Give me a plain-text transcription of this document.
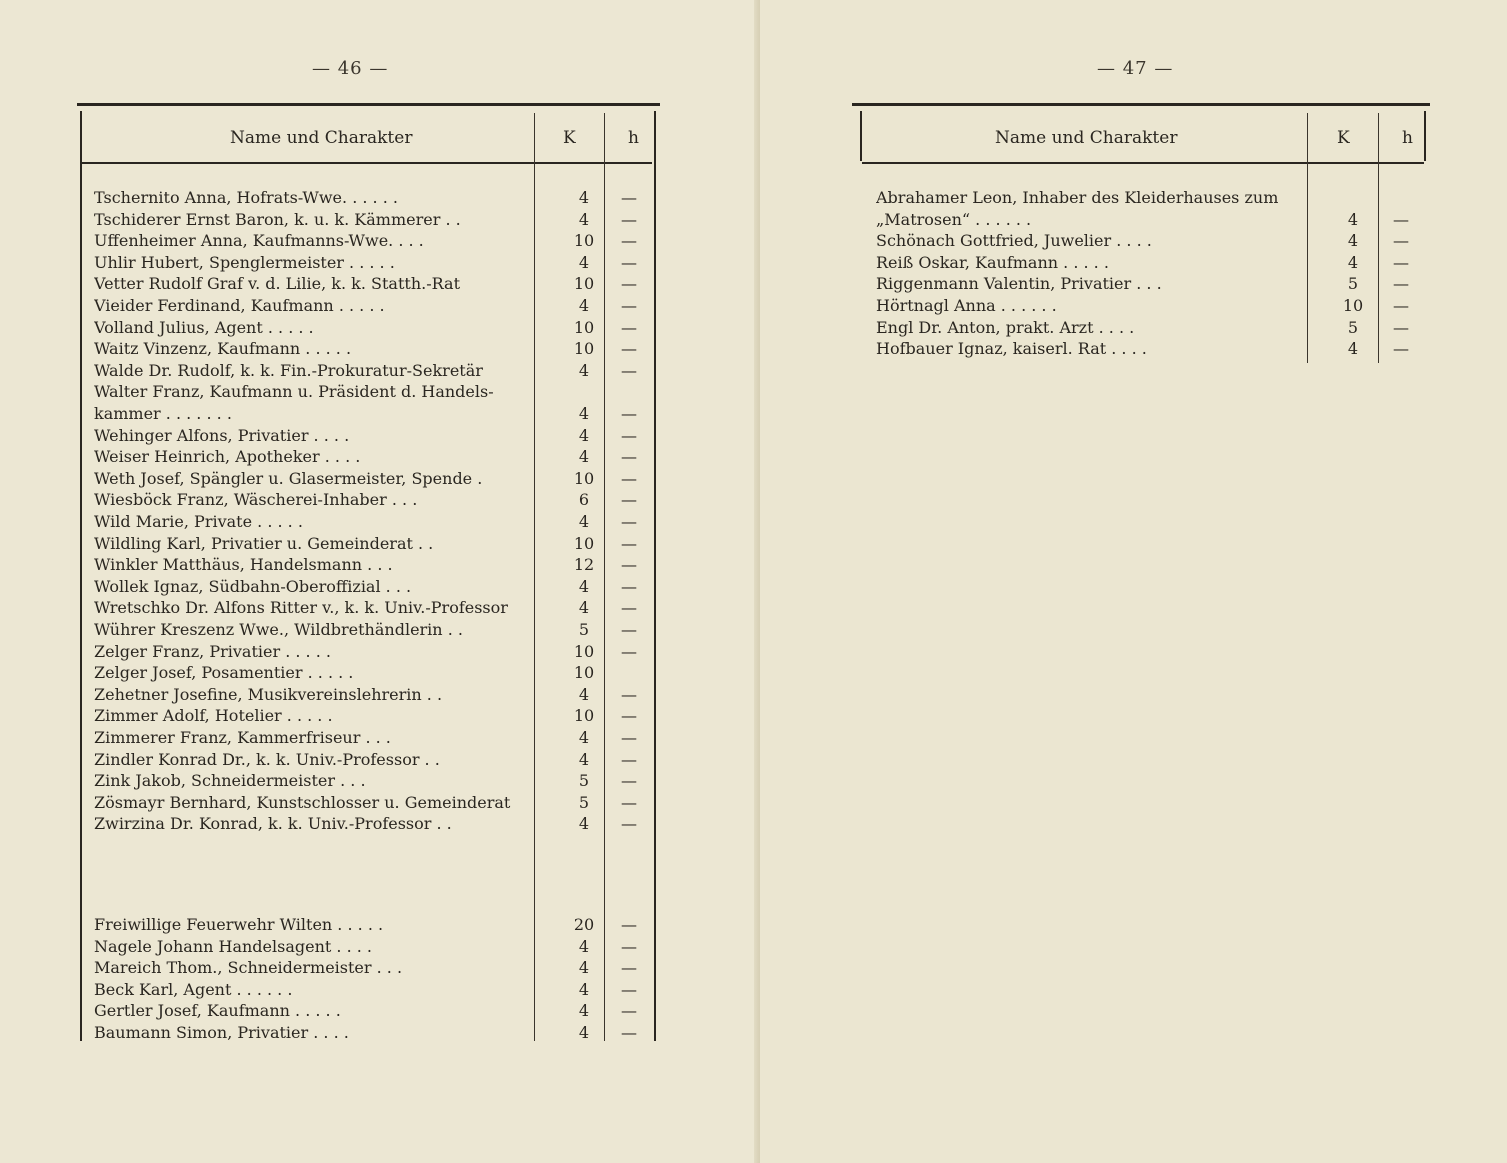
— 46 —
Name und Charakter	K	h
Tschernito Anna, Hofrats-Wwe. . . . . .	4	—
Tschiderer Ernst Baron, k. u. k. Kämmerer . .	4	—
Uffenheimer Anna, Kaufmanns-Wwe. . . .	10	—
Uhlir Hubert, Spenglermeister . . . . .	4	—
Vetter Rudolf Graf v. d. Lilie, k. k. Statth.-Rat	10	—
Vieider Ferdinand, Kaufmann . . . . .	4	—
Volland Julius, Agent . . . . .	10	—
Waitz Vinzenz, Kaufmann . . . . .	10	—
Walde Dr. Rudolf, k. k. Fin.-Prokuratur-Sekretär	4	—
Walter Franz, Kaufmann u. Präsident d. Handels-
kammer . . . . . . .	4	—
Wehinger Alfons, Privatier . . . .	4	—
Weiser Heinrich, Apotheker . . . .	4	—
Weth Josef, Spängler u. Glasermeister, Spende .	10	—
Wiesböck Franz, Wäscherei-Inhaber . . .	6	—
Wild Marie, Private . . . . .	4	—
Wildling Karl, Privatier u. Gemeinderat . .	10	—
Winkler Matthäus, Handelsmann . . .	12	—
Wollek Ignaz, Südbahn-Oberoffizial . . .	4	—
Wretschko Dr. Alfons Ritter v., k. k. Univ.-Professor	4	—
Wührer Kreszenz Wwe., Wildbrethändlerin . .	5	—
Zelger Franz, Privatier . . . . .	10	—
Zelger Josef, Posamentier . . . . .	10
Zehetner Josefine, Musikvereinslehrerin . .	4	—
Zimmer Adolf, Hotelier . . . . .	10	—
Zimmerer Franz, Kammerfriseur . . .	4	—
Zindler Konrad Dr., k. k. Univ.-Professor . .	4	—
Zink Jakob, Schneidermeister . . .	5	—
Zösmayr Bernhard, Kunstschlosser u. Gemeinderat	5	—
Zwirzina Dr. Konrad, k. k. Univ.-Professor . .	4	—
Freiwillige Feuerwehr Wilten . . . . .	20	—
Nagele Johann Handelsagent . . . .	4	—
Mareich Thom., Schneidermeister . . .	4	—
Beck Karl, Agent . . . . . .	4	—
Gertler Josef, Kaufmann . . . . .	4	—
Baumann Simon, Privatier . . . .	4	—
— 47 —
Name und Charakter	K	h
Abrahamer Leon, Inhaber des Kleiderhauses zum
„Matrosen“ . . . . . .	4	—
Schönach Gottfried, Juwelier . . . .	4	—
Reiß Oskar, Kaufmann . . . . .	4	—
Riggenmann Valentin, Privatier . . .	5	—
Hörtnagl Anna . . . . . .	10	—
Engl Dr. Anton, prakt. Arzt . . . .	5	—
Hofbauer Ignaz, kaiserl. Rat . . . .	4	—
